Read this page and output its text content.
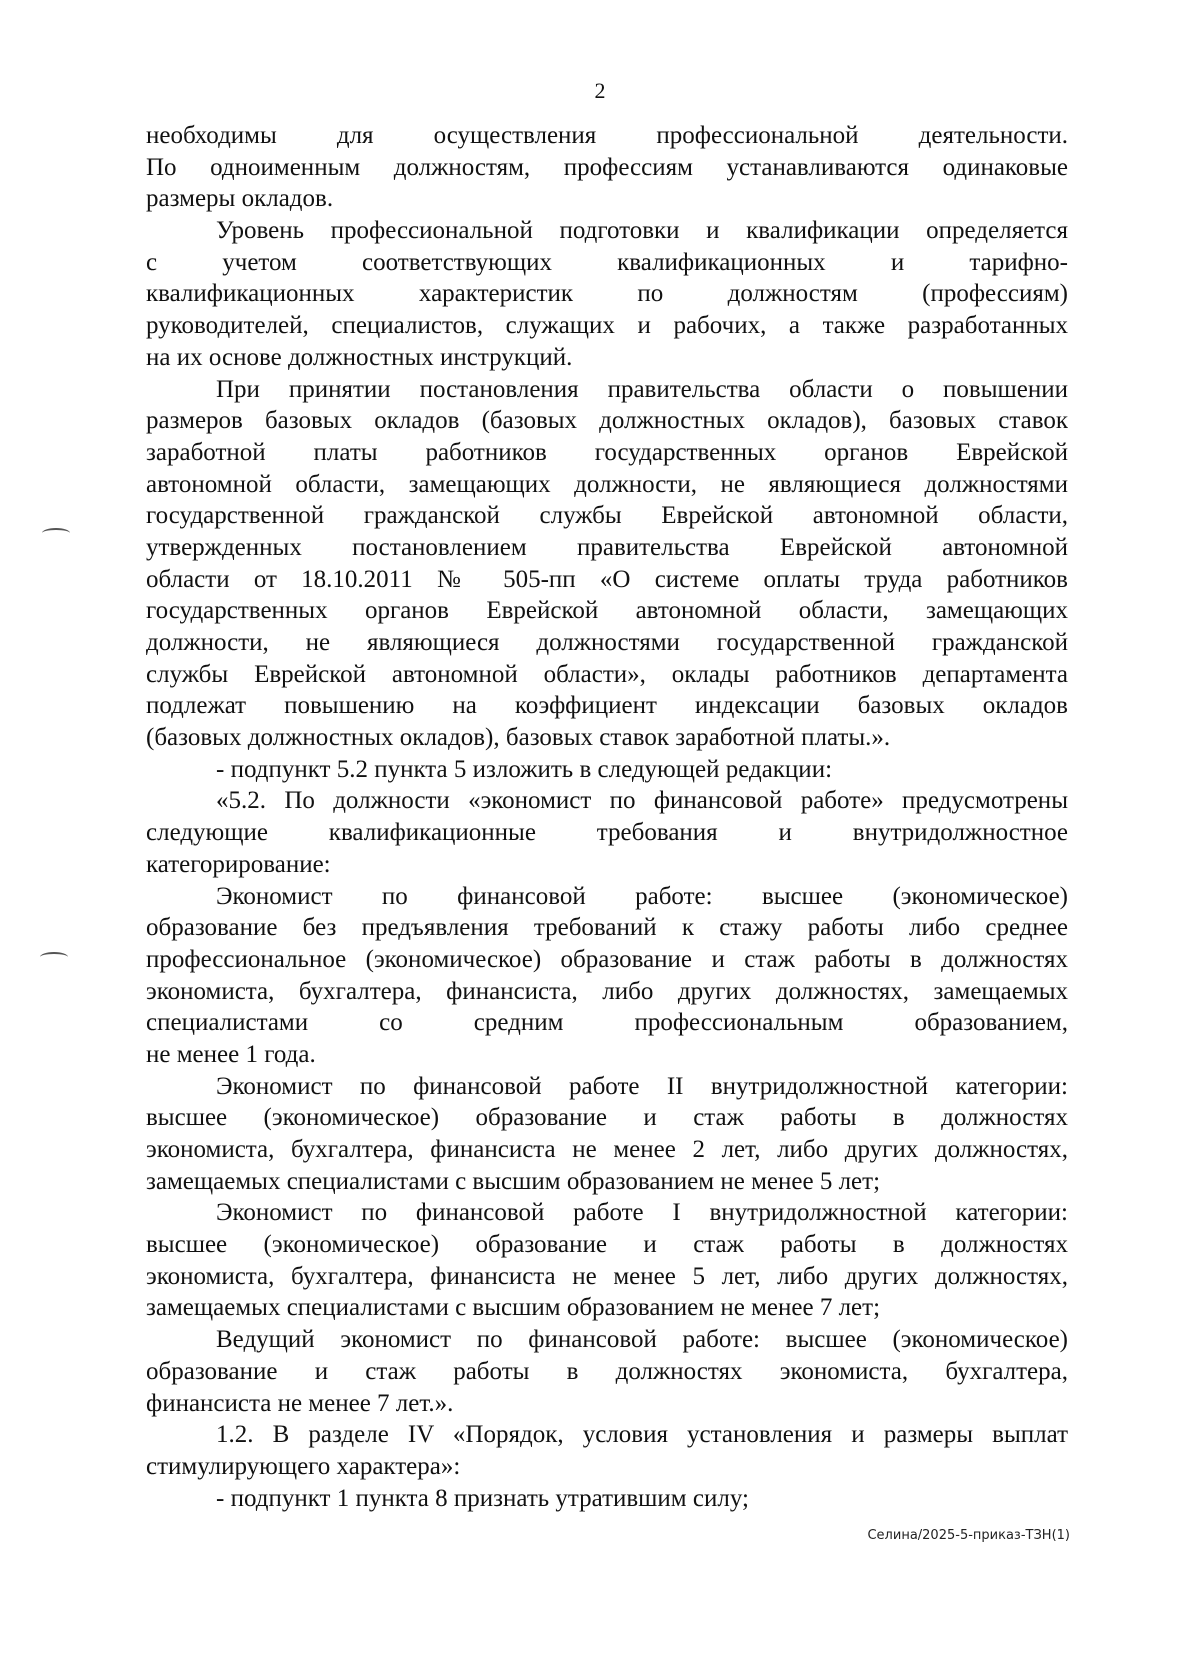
2
необходимы для осуществления профессиональной деятельности.
По одноименным должностям, профессиям устанавливаются одинаковые
размеры окладов.
Уровень профессиональной подготовки и квалификации определяется
с учетом соответствующих квалификационных и тарифно-
квалификационных характеристик по должностям (профессиям)
руководителей, специалистов, служащих и рабочих, а также разработанных
на их основе должностных инструкций.
При принятии постановления правительства области о повышении
размеров базовых окладов (базовых должностных окладов), базовых ставок
заработной платы работников государственных органов Еврейской
автономной области, замещающих должности, не являющиеся должностями
государственной гражданской службы Еврейской автономной области,
утвержденных постановлением правительства Еврейской автономной
области от 18.10.2011 № 505-пп «О системе оплаты труда работников
государственных органов Еврейской автономной области, замещающих
должности, не являющиеся должностями государственной гражданской
службы Еврейской автономной области», оклады работников департамента
подлежат повышению на коэффициент индексации базовых окладов
(базовых должностных окладов), базовых ставок заработной платы.».
- подпункт 5.2 пункта 5 изложить в следующей редакции:
«5.2. По должности «экономист по финансовой работе» предусмотрены
следующие квалификационные требования и внутридолжностное
категорирование:
Экономист по финансовой работе: высшее (экономическое)
образование без предъявления требований к стажу работы либо среднее
профессиональное (экономическое) образование и стаж работы в должностях
экономиста, бухгалтера, финансиста, либо других должностях, замещаемых
специалистами со средним профессиональным образованием,
не менее 1 года.
Экономист по финансовой работе II внутридолжностной категории:
высшее (экономическое) образование и стаж работы в должностях
экономиста, бухгалтера, финансиста не менее 2 лет, либо других должностях,
замещаемых специалистами с высшим образованием не менее 5 лет;
Экономист по финансовой работе I внутридолжностной категории:
высшее (экономическое) образование и стаж работы в должностях
экономиста, бухгалтера, финансиста не менее 5 лет, либо других должностях,
замещаемых специалистами с высшим образованием не менее 7 лет;
Ведущий экономист по финансовой работе: высшее (экономическое)
образование и стаж работы в должностях экономиста, бухгалтера,
финансиста не менее 7 лет.».
1.2. В разделе IV «Порядок, условия установления и размеры выплат
стимулирующего характера»:
- подпункт 1 пункта 8 признать утратившим силу;
Селина/2025-5-приказ-ТЗН(1)
